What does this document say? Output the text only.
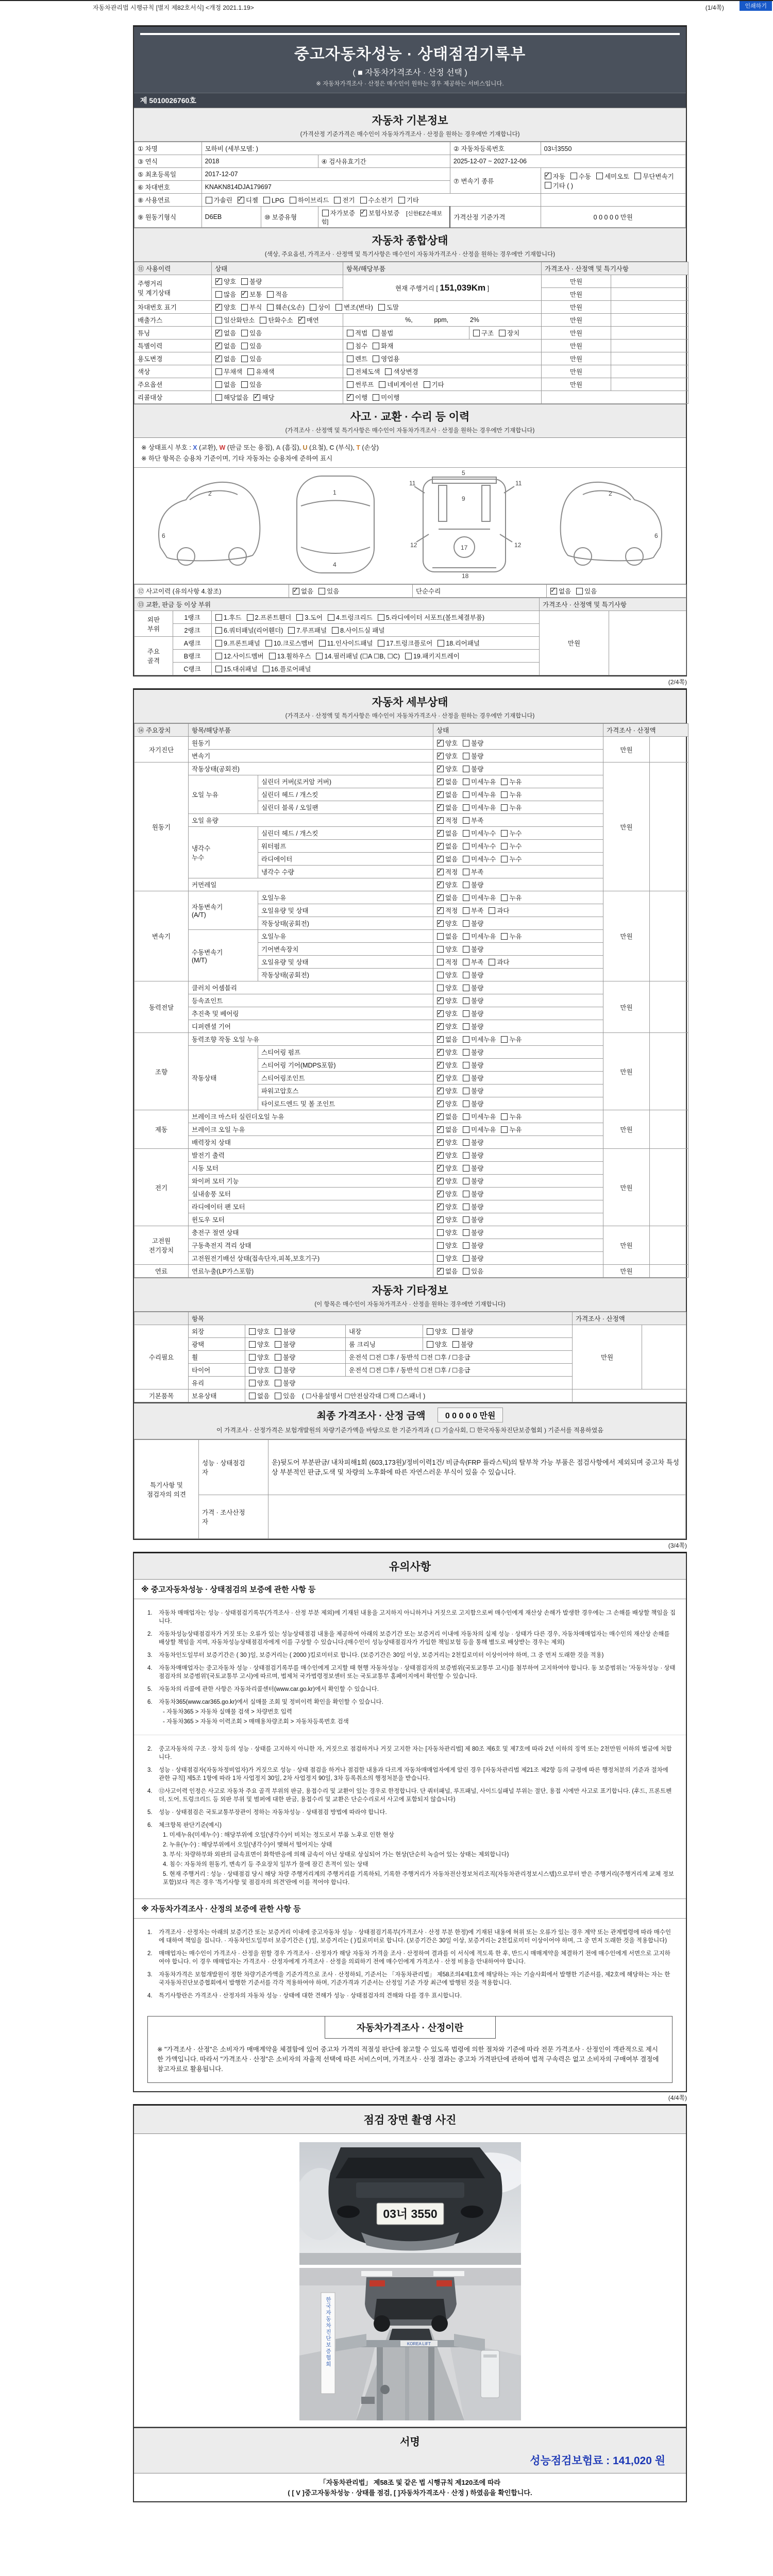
인쇄하기
자동차관리법 시행규칙 [별지 제82호서식] <개정 2021.1.19>	(1/4쪽)
중고자동차성능 · 상태점검기록부
( ■ 자동차가격조사 · 산정 선택 )
※ 자동차가격조사 · 산정은 매수인이 원하는 경우 제공하는 서비스입니다.
제 5010026760호
자동차 기본정보
(가격산정 기준가격은 매수인이 자동차가격조사 · 산정을 원하는 경우에만 기재합니다)
① 차명	모하비 (세부모델: )			② 자동차등록번호	03너3550
③ 연식	2018		④ 검사유효기간	2025-12-07 ~ 2027-12-06	
⑤ 최초등록일	2017-12-07			⑦ 변속기 종류	✓자동 수동 세미오토 무단변속기기타 ( )
⑥ 차대번호	KNAKN814DJA179697				
⑧ 사용연료	가솔린 ✓ 디젤 LPG 하이브리드 전기 수소전기 기타	
⑨ 원동기형식	D6EB	⑩ 보증유형	자가보증 ✓ 보험사보증 [신한EZ손해보험]	가격산정 기준가격	0 0 0 0 0 만원
자동차 종합상태
(색상, 주요옵션, 가격조사 · 산정액 및 특기사항은 매수인이 자동차가격조사 · 산정을 원하는 경우에만 기재합니다)
⑪ 사용이력	상태	항목/해당부품		가격조사 · 산정액 및 특기사항	
주행거리
및 계기상태	✓양호 불량	현재 주행거리 [ 151,039Km ]		만원	
	많음 ✓ 보통 적음			만원	
차대번호 표기	✓양호 부식 훼손(오손) 상이 변조(변타) 도말			만원	
배출가스	일산화탄소 탄화수소 ✓ 매연	%,            ppm,            2%		만원	
튜닝	✓없음 있음	적법 불법	구조 장치	만원	
특별이력	✓없음 있음	침수 화재		만원	
용도변경	✓없음 있음	렌트 영업용		만원	
색상	무채색 유채색	전체도색 색상변경		만원	
주요옵션	없음 있음	썬루프 네비게이션 기타		만원	
리콜대상	해당없음 ✓ 해당	✓이행 미이행	
사고 · 교환 · 수리 등 이력
(가격조사 · 산정액 및 특기사항은 매수인이 자동차가격조사 · 산정을 원하는 경우에만 기재합니다)
※ 상태표시 부호 : X (교환), W (판금 또는 용접), A (흠집), U (요철), C (부식), T (손상)
※ 하단 항목은 승용차 기준이며, 기타 자동차는 승용차에 준하여 표시
2
6
1
4
5
9
11	11
12	12
17
18
2
6
⑫ 사고이력 (유의사항 4.참조)	✓없음 있음	단순수리	✓없음 있음
⑬ 교환, 판금 등 이상 부위			가격조사 · 산정액 및 특기사항	
외판
부위	1랭크	1.후드 2.프론트휀더 3.도어 4.트렁크리드 5.라디에이터 서포트(볼트체결부품)	만원	
	2랭크	6.쿼터패널(리어휀더) 7.루프패널 8.사이드실 패널		
주요
골격	A랭크	9.프론트패널 10.크로스멤버 11.인사이드패널 17.트렁크플로어 18.리어패널		
	B랭크	12.사이드멤버 13.휠하우스 14.필러패널 (☐A ☐B, ☐C) 19.패키지트레이		
	C랭크	15.대쉬패널 16.플로어패널		
(2/4쪽)
자동차 세부상태
(가격조사 · 산정액 및 특기사항은 매수인이 자동차가격조사 · 산정을 원하는 경우에만 기재합니다)
⑭ 주요장치	항목/해당부품		상태	가격조사 · 산정액	
자기진단	원동기	✓양호 불량	만원	
	변속기	✓양호 불량
원동기	작동상태(공회전)	✓양호 불량	만원	
	오일 누유	실린더 커버(로커암 커버)	✓없음 미세누유 누유
		실린더 헤드 / 개스킷	✓없음 미세누유 누유
		실린더 블록 / 오일팬	✓없음 미세누유 누유
	오일 유량	✓적정 부족
	냉각수
누수	실린더 헤드 / 개스킷	✓없음 미세누수 누수
		워터펌프	✓없음 미세누수 누수
		라디에이터	✓없음 미세누수 누수
		냉각수 수량	✓적정 부족
	커먼레일	✓양호 불량
변속기	자동변속기
(A/T)	오일누유	✓없음 미세누유 누유	만원	
		오일유량 및 상태	✓적정 부족 과다
		작동상태(공회전)	✓양호 불량
	수동변속기
(M/T)	오일누유	없음 미세누유 누유		
		기어변속장치	양호 불량		
		오일유량 및 상태	적정 부족 과다		
		작동상태(공회전)	양호 불량		
동력전달	클러치 어셈블리		양호 불량	만원	
	등속죠인트	✓양호 불량
	추진축 및 베어링	✓양호 불량
	디퍼렌셜 기어	✓양호 불량
조향	동력조향 작동 오일 누유	✓없음 미세누유 누유	만원	
	작동상태	스티어링 펌프	✓양호 불량
		스티어링 기어(MDPS포함)	✓양호 불량
		스티어링조인트	✓양호 불량
		파워고압호스	✓양호 불량
		타이로드엔드 및 볼 조인트	✓양호 불량
제동	브레이크 마스터 실린더오일 누유	✓없음 미세누유 누유	만원	
	브레이크 오일 누유	✓없음 미세누유 누유
	배력장치 상태	✓양호 불량
전기	발전기 출력	✓양호 불량	만원	
	시동 모터	✓양호 불량
	와이퍼 모터 기능	✓양호 불량
	실내송풍 모터	✓양호 불량
	라디에이터 팬 모터	✓양호 불량
	윈도우 모터	✓양호 불량
고전원
전기장치	충전구 절연 상태		양호 불량	만원	
	구동축전지 격리 상태		양호 불량		
	고전원전기배선 상태(접속단자,피복,보호기구)		양호 불량		
연료	연료누출(LP가스포함)	✓없음 있음	만원	
자동차 기타정보
(이 항목은 매수인이 자동차가격조사 · 산정을 원하는 경우에만 기재합니다)
	항목				가격조사 · 산정액	
수리필요	외장	양호 불량	내장	양호 불량	만원	
	광택	양호 불량	룸 크리닝	양호 불량		
	휠	양호 불량	운전석 ☐전 ☐후 / 동반석 ☐전 ☐후 / ☐응급			
	타이어	양호 불량	운전석 ☐전 ☐후 / 동반석 ☐전 ☐후 / ☐응급			
	유리	양호 불량				
기본품목	보유상태	없음 있음 ( ☐사용설명서 ☐안전삼각대 ☐잭 ☐스패너 )				
최종 가격조사 · 산정 금액 0 0 0 0 0 만원
이 가격조사 · 산정가격은 보험개발원의 차량기준가액을 바탕으로 한 기준가격과 ( ☐ 기술사회, ☐ 한국자동차진단보증협회 ) 기준서를 적용하였음
특기사항 및
점검자의 의견	성능 · 상태점검
자	운)뒷도어 부분판금/ 내차피해1회 (603,173원)/정비이력1건/ 비금속(FRP 플라스틱)의 탈부착 가능 부품은 점검사항에서 제외되며 중고차 특성 상 부분적인 판금,도색 및 차량의 노후화에 따른 자연스러운 부식이 있을 수 있습니다.
	가격 · 조사산정
자	
(3/4쪽)
유의사항
※ 중고자동차성능 · 상태점검의 보증에 관한 사항 등
1.	자동차 매매업자는 성능 · 상태점검기록부(가격조사 · 산정 부분 제외)에 기재된 내용을 고지하지 아니하거나 거짓으로 고지함으로써 매수인에게 재산상 손해가 발생한 경우에는 그 손해를 배상할 책임을 집니다.
2.	자동차성능상태점검자가 거짓 또는 오류가 있는 성능상태점검 내용을 제공하여 아래의 보증기간 또는 보증거리 이내에 자동차의 실제 성능 · 상태가 다른 경우, 자동차매매업자는 매수인의 재산상 손해를 배상할 책임을 지며, 자동차성능상태점검자에게 이를 구상할 수 있습니다.(매수인이 성능상태점검자가 가입한 책임보험 등을 통해 별도로 배상받는 경우는 제외)
3.	자동차인도일부터 보증기간은 ( 30 )일, 보증거리는 ( 2000 )킬로미터로 합니다. (보증기간은 30일 이상, 보증거리는 2천킬로미터 이상이어야 하며, 그 중 먼저 도래한 것을 적용)
4.	자동차매매업자는 중고자동차 성능 · 상태점검기록부를 매수인에게 고지할 때 현행 자동차성능 · 상태점검자의 보증범위(국토교통부 고시)를 첨부하여 고지하여야 합니다. 동 보증범위는 '자동차성능 · 상태점검자의 보증범위'(국토교통부 고시)에 따르며, 법제처 국가법령정보센터 또는 국토교통부 홈페이지에서 확인할 수 있습니다.
5.	자동차의 리콜에 관한 사항은 자동차리콜센터(www.car.go.kr)에서 확인할 수 있습니다.
6.	자동차365(www.car365.go.kr)에서 실매물 조회 및 정비이력 확인을 확인할 수 있습니다.
- 자동차365 > 자동차 실매물 검색 > 차량번호 입력
- 자동차365 > 자동차 이력조회 > 매매용차량조회 > 자동차등록번호 검색
2.	중고자동차의 구조 · 장치 등의 성능 · 상태를 고지하지 아니한 자, 거짓으로 점검하거나 거짓 고지한 자는 [자동차관리법] 제 80조 제6호 및 제7호에 따라 2년 이하의 징역 또는 2천만원 이하의 벌금에 처합니다.
3.	성능 · 상태점검자(자동차정비업자)가 거짓으로 성능 · 상태 점검을 하거나 점검한 내용과 다르게 자동차매매업자에게 알린 경우 [자동차관리법 제21조 제2항 등의 규정에 따른 행정처분의 기준과 절차에 관한 규칙] 제5조 1항에 따라 1차 사업정지 30일, 2차 사업정지 90일, 3차 등록취소의 행정처분을 받습니다.
4.	⑫사고이력 인정은 사고로 자동차 주요 골격 부위의 판금, 용접수리 및 교환이 있는 경우로 한정합니다. 단 쿼터패널, 루프패널, 사이드실패널 부위는 절단, 용접 시에만 사고로 표기합니다. (후드, 프론트펜더, 도어, 트렁크리드 등 외판 부위 및 범퍼에 대한 판금, 용접수리 및 교환은 단순수리로서 사고에 포함되지 않습니다)
5.	성능 · 상태점검은 국토교통부장관이 정하는 자동차성능 · 상태점검 방법에 따라야 합니다.
6.	체크항목 판단기준(예시)
1. 미세누유(미세누수) : 해당부위에 오일(냉각수)이 비치는 정도로서 부품 노후로 인한 현상
2. 누유(누수) : 해당부위에서 오일(냉각수)이 맺혀서 떨어지는 상태
3. 부식: 차량하부와 외판의 금속표면이 화학반응에 의해 금속이 아닌 상태로 상실되어 가는 현상(단순히 녹슬어 있는 상태는 제외합니다)
4. 침수: 자동차의 원동기, 변속기 등 주요장치 일부가 물에 잠긴 흔적이 있는 상태
5. 현재 주행거리 : 성능 · 상태점검 당시 해당 차량 주행거리계의 주행거리를 기록하되, 기록한 주행거리가 자동차전산정보처리조직(자동차관리정보시스템)으로부터 받은 주행거리(주행거리계 교체 정보 포함)보다 적은 경우 '특기사항 및 점검자의 의견'란에 이를 적어야 합니다.
※ 자동차가격조사 · 산정의 보증에 관한 사항 등
1.	가격조사 · 산정자는 아래의 보증기간 또는 보증거리 이내에 중고자동차 성능 · 상태점검기록부(가격조사 · 산정 부분 한정)에 기재된 내용에 허위 또는 오류가 있는 경우 계약 또는 관계법령에 따라 매수인에 대하여 책임을 집니다. · 자동차인도일부터 보증기간은 ( )일, 보증거리는 ( )킬로미터로 합니다. (보증기간은 30일 이상, 보증거리는 2천킬로미터 이상이어야 하며, 그 중 먼저 도래한 것을 적용합니다)
2.	매매업자는 매수인이 가격조사 · 산정을 원할 경우 가격조사 · 산정자가 해당 자동차 가격을 조사 · 산정하여 결과를 이 서식에 적도록 한 후, 반드시 매매계약을 체결하기 전에 매수인에게 서면으로 고지하여야 합니다. 이 경우 매매업자는 가격조사 · 산정자에게 가격조사 · 산정을 의뢰하기 전에 매수인에게 가격조사 · 산정 비용을 안내하여야 합니다.
3.	자동차가격은 보험개발원이 정한 차량기준가액을 기준가격으로 조사 · 산정하되, 기준서는 「자동차관리법」 제58조의4제1호에 해당하는 자는 기술사회에서 발행한 기준서를, 제2호에 해당하는 자는 한국자동차진단보증협회에서 발행한 기준서를 각각 적용하여야 하며, 기준가격과 기준서는 산정일 기준 가장 최근에 발행된 것을 적용합니다.
4.	특기사항란은 가격조사 · 산정자의 자동차 성능 · 상태에 대한 견해가 성능 · 상태점검자의 견해와 다를 경우 표시합니다.
자동차가격조사 · 산정이란
※ "가격조사 · 산정"은 소비자가 매매계약을 체결함에 있어 중고차 가격의 적절성 판단에 참고할 수 있도록 법령에 의한 절차와 기준에 따라 전문 가격조사 · 산정인이 객관적으로 제시한 가액입니다. 따라서 "가격조사 · 산정"은 소비자의 자율적 선택에 따른 서비스이며, 가격조사 · 산정 결과는 중고차 가격판단에 관하여 법적 구속력은 없고 소비자의 구매여부 결정에 참고자료로 활용됩니다.
(4/4쪽)
점검 장면 촬영 사진
03너 3550
KOREA LIFT
한국자동차진단보증협회
서명
성능점검보험료 : 141,020 원
「자동차관리법」 제58조 및 같은 법 시행규칙 제120조에 따라
( [ V ]중고자동차성능 · 상태를 점검, [ ]자동차가격조사 · 산정 ) 하였음을 확인합니다.
